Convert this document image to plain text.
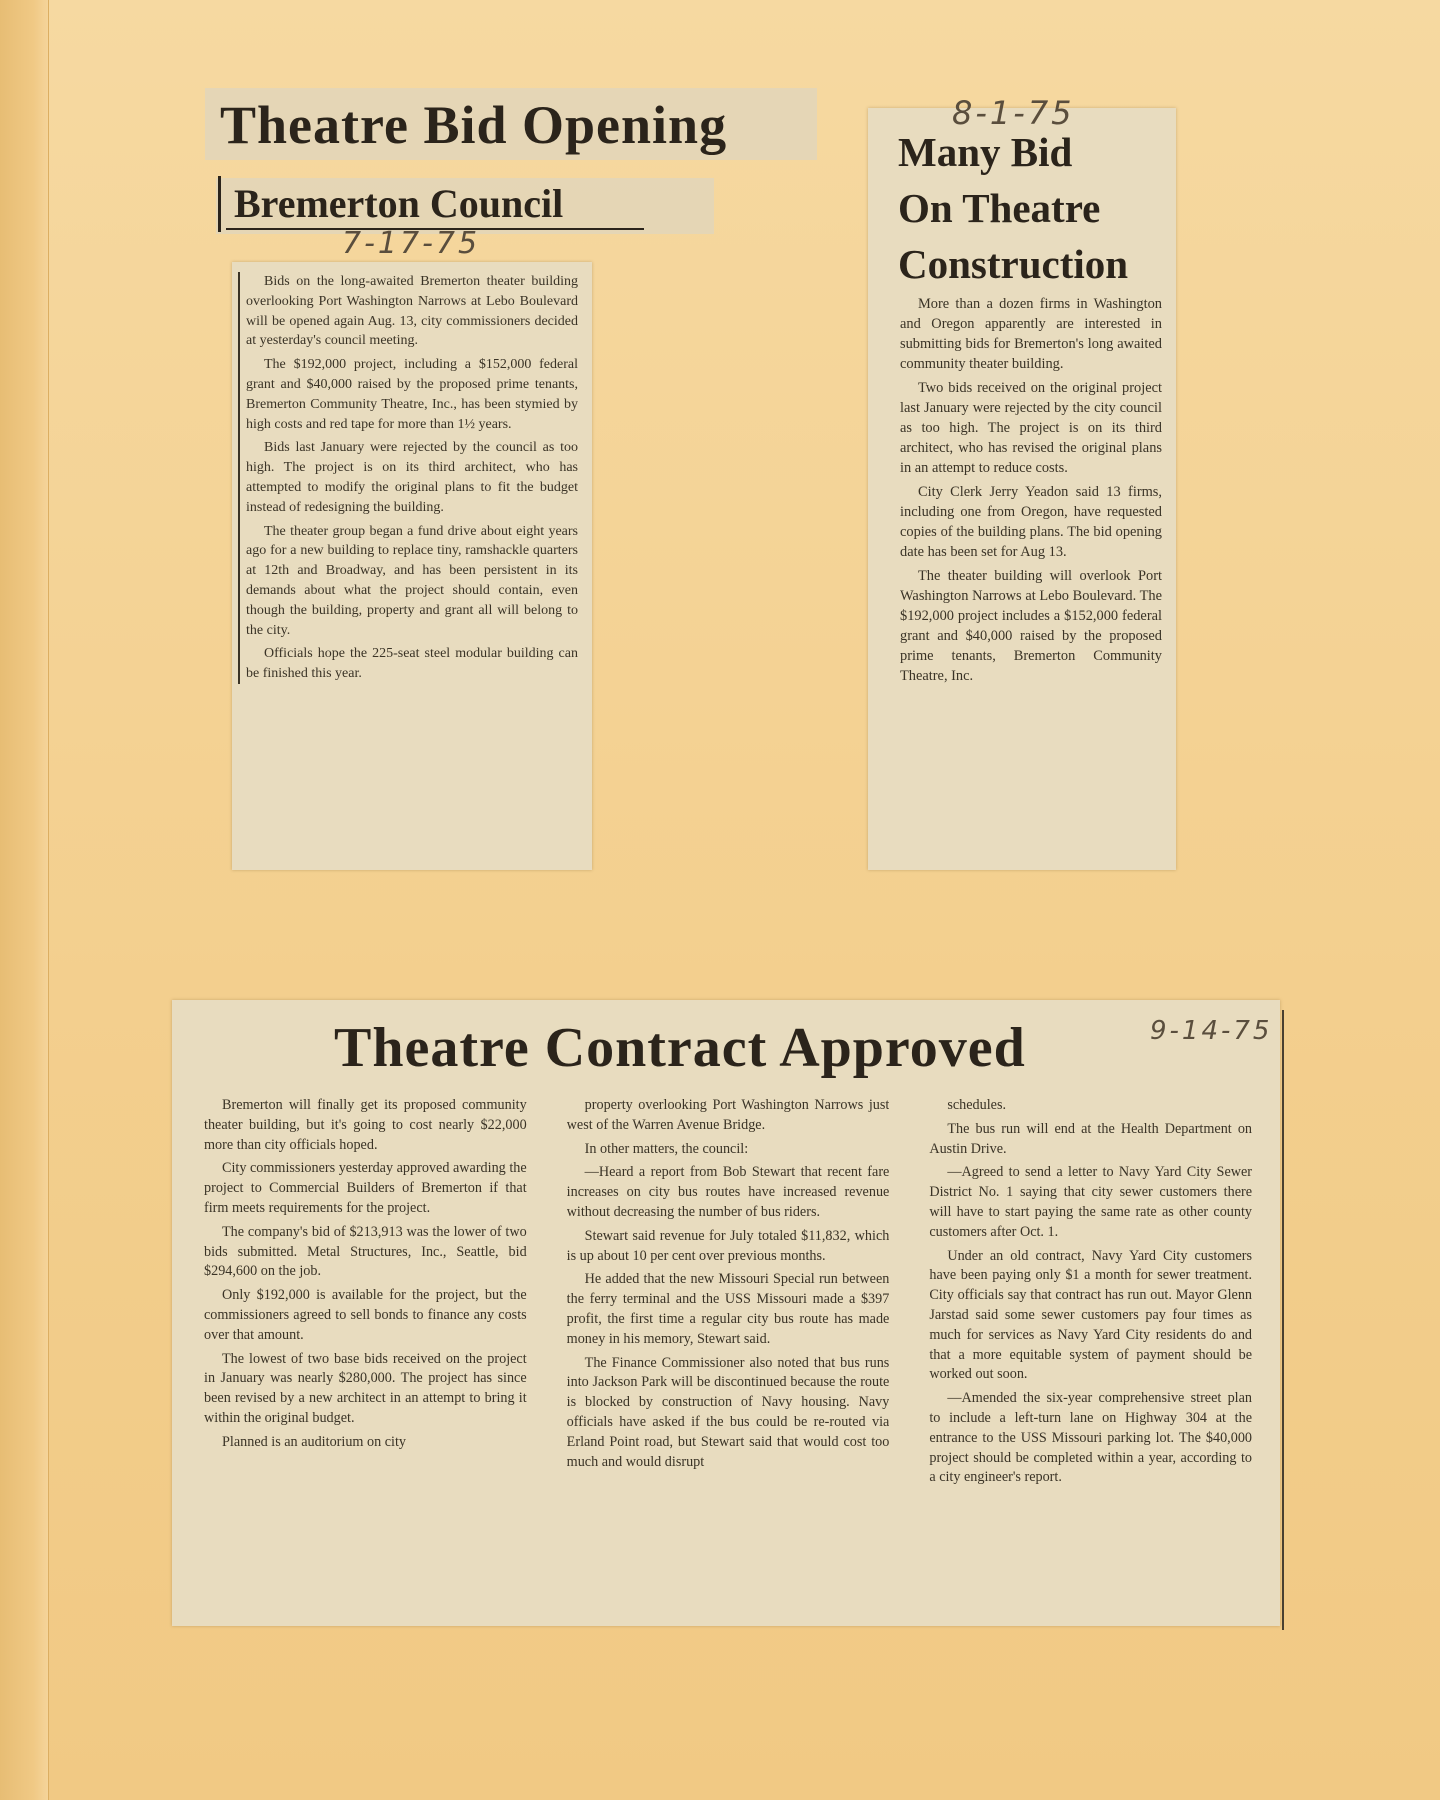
Theatre Bid Opening
Bremerton Council
7-17-75

Bids on the long-awaited Bremerton theater building overlooking Port Washington Narrows at Lebo Boulevard will be opened again Aug. 13, city commissioners decided at yesterday's council meeting.

The $192,000 project, including a $152,000 federal grant and $40,000 raised by the proposed prime tenants, Bremerton Community Theatre, Inc., has been stymied by high costs and red tape for more than 1½ years.

Bids last January were rejected by the council as too high. The project is on its third architect, who has attempted to modify the original plans to fit the budget instead of redesigning the building.

The theater group began a fund drive about eight years ago for a new building to replace tiny, ramshackle quarters at 12th and Broadway, and has been persistent in its demands about what the project should contain, even though the building, property and grant all will belong to the city.

Officials hope the 225-seat steel modular building can be finished this year.

8-1-75
Many Bid
On Theatre
Construction

More than a dozen firms in Washington and Oregon apparently are interested in submitting bids for Bremerton's long awaited community theater building.

Two bids received on the original project last January were rejected by the city council as too high. The project is on its third architect, who has revised the original plans in an attempt to reduce costs.

City Clerk Jerry Yeadon said 13 firms, including one from Oregon, have requested copies of the building plans. The bid opening date has been set for Aug 13.

The theater building will overlook Port Washington Narrows at Lebo Boulevard. The $192,000 project includes a $152,000 federal grant and $40,000 raised by the proposed prime tenants, Bremerton Community Theatre, Inc.

Theatre Contract Approved	9-14-75

Bremerton will finally get its proposed community theater building, but it's going to cost nearly $22,000 more than city officials hoped.

City commissioners yesterday approved awarding the project to Commercial Builders of Bremerton if that firm meets requirements for the project.

The company's bid of $213,913 was the lower of two bids submitted. Metal Structures, Inc., Seattle, bid $294,600 on the job.

Only $192,000 is available for the project, but the commissioners agreed to sell bonds to finance any costs over that amount.

The lowest of two base bids received on the project in January was nearly $280,000. The project has since been revised by a new architect in an attempt to bring it within the original budget.

Planned is an auditorium on city

property overlooking Port Washington Narrows just west of the Warren Avenue Bridge.

In other matters, the council:

—Heard a report from Bob Stewart that recent fare increases on city bus routes have increased revenue without decreasing the number of bus riders.

Stewart said revenue for July totaled $11,832, which is up about 10 per cent over previous months.

He added that the new Missouri Special run between the ferry terminal and the USS Missouri made a $397 profit, the first time a regular city bus route has made money in his memory, Stewart said.

The Finance Commissioner also noted that bus runs into Jackson Park will be discontinued because the route is blocked by construction of Navy housing. Navy officials have asked if the bus could be re-routed via Erland Point road, but Stewart said that would cost too much and would disrupt

schedules.

The bus run will end at the Health Department on Austin Drive.

—Agreed to send a letter to Navy Yard City Sewer District No. 1 saying that city sewer customers there will have to start paying the same rate as other county customers after Oct. 1.

Under an old contract, Navy Yard City customers have been paying only $1 a month for sewer treatment. City officials say that contract has run out. Mayor Glenn Jarstad said some sewer customers pay four times as much for services as Navy Yard City residents do and that a more equitable system of payment should be worked out soon.

—Amended the six-year comprehensive street plan to include a left-turn lane on Highway 304 at the entrance to the USS Missouri parking lot. The $40,000 project should be completed within a year, according to a city engineer's report.
